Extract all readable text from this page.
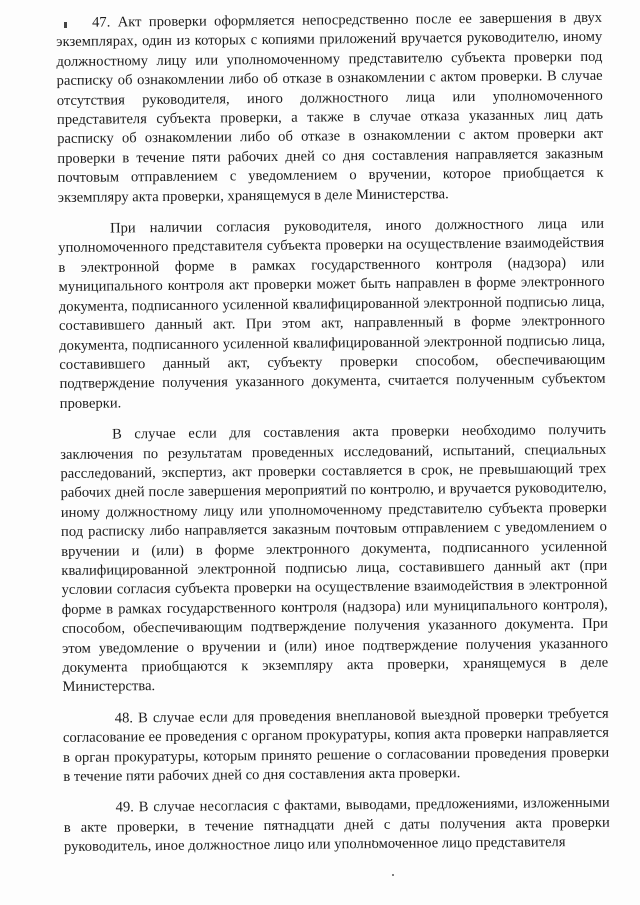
47. Акт проверки оформляется непосредственно после ее завершения в двух экземплярах, один из которых с копиями приложений вручается руководителю, иному должностному лицу или уполномоченному представителю субъекта проверки под расписку об ознакомлении либо об отказе в ознакомлении с актом проверки. В случае отсутствия руководителя, иного должностного лица или уполномоченного представителя субъекта проверки, а также в случае отказа указанных лиц дать расписку об ознакомлении либо об отказе в ознакомлении с актом проверки акт проверки в течение пяти рабочих дней со дня составления направляется заказным почтовым отправлением с уведомлением о вручении, которое приобщается к экземпляру акта проверки, хранящемуся в деле Министерства.

При наличии согласия руководителя, иного должностного лица или уполномоченного представителя субъекта проверки на осуществление взаимодействия в электронной форме в рамках государственного контроля (надзора) или муниципального контроля акт проверки может быть направлен в форме электронного документа, подписанного усиленной квалифицированной электронной подписью лица, составившего данный акт. При этом акт, направленный в форме электронного документа, подписанного усиленной квалифицированной электронной подписью лица, составившего данный акт, субъекту проверки способом, обеспечивающим подтверждение получения указанного документа, считается полученным субъектом проверки.

В случае если для составления акта проверки необходимо получить заключения по результатам проведенных исследований, испытаний, специальных расследований, экспертиз, акт проверки составляется в срок, не превышающий трех рабочих дней после завершения мероприятий по контролю, и вручается руководителю, иному должностному лицу или уполномоченному представителю субъекта проверки под расписку либо направляется заказным почтовым отправлением с уведомлением о вручении и (или) в форме электронного документа, подписанного усиленной квалифицированной электронной подписью лица, составившего данный акт (при условии согласия субъекта проверки на осуществление взаимодействия в электронной форме в рамках государственного контроля (надзора) или муниципального контроля), способом, обеспечивающим подтверждение получения указанного документа. При этом уведомление о вручении и (или) иное подтверждение получения указанного документа приобщаются к экземпляру акта проверки, хранящемуся в деле Министерства.

48. В случае если для проведения внеплановой выездной проверки требуется согласование ее проведения с органом прокуратуры, копия акта проверки направляется в орган прокуратуры, которым принято решение о согласовании проведения проверки в течение пяти рабочих дней со дня составления акта проверки.

49. В случае несогласия с фактами, выводами, предложениями, изложенными в акте проверки, в течение пятнадцати дней с даты получения акта проверки руководитель, иное должностное лицо или уполномоченное лицо представителя
